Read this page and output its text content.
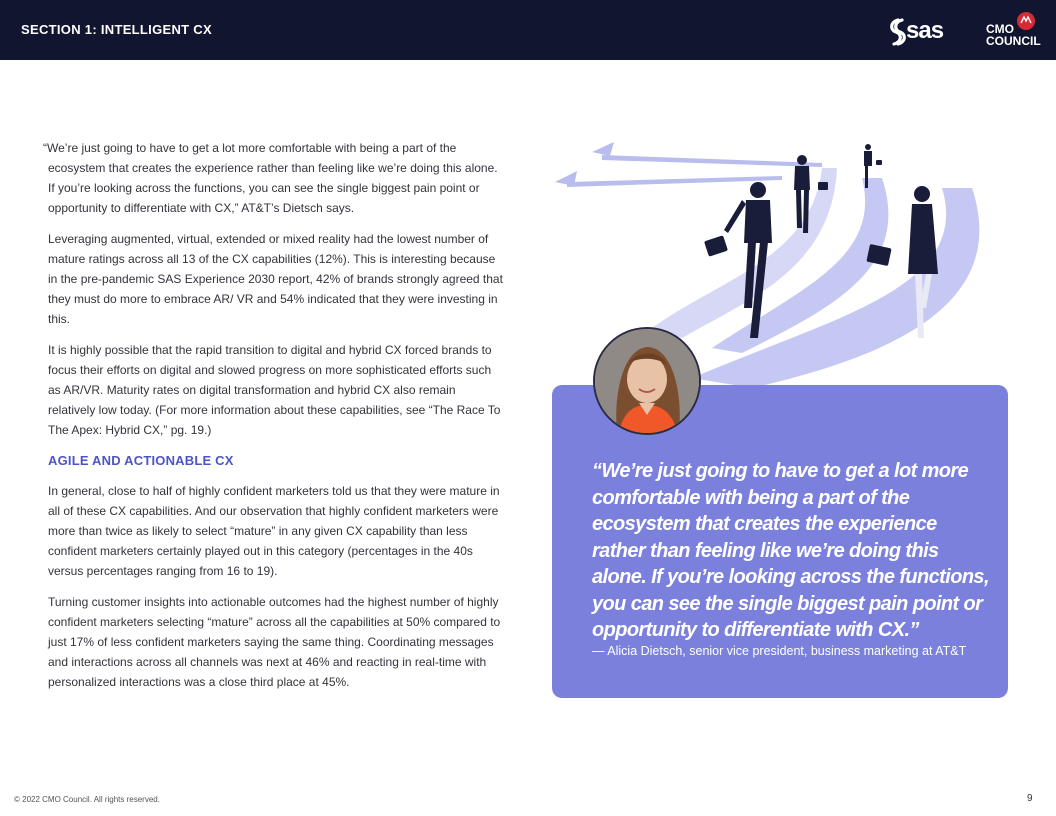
SECTION 1: INTELLIGENT CX	sas	CMO
COUNCIL

“We’re just going to have to get a lot more comfortable with being a part of the ecosystem that creates the experience rather than feeling like we’re doing this alone. If you’re looking across the functions, you can see the single biggest pain point or opportunity to differentiate with CX,” AT&T’s Dietsch says.

Leveraging augmented, virtual, extended or mixed reality had the lowest number of mature ratings across all 13 of the CX capabilities (12%). This is interesting because in the pre-pandemic SAS Experience 2030 report, 42% of brands strongly agreed that they must do more to embrace AR/ VR and 54% indicated that they were investing in this.

It is highly possible that the rapid transition to digital and hybrid CX forced brands to focus their efforts on digital and slowed progress on more sophisticated efforts such as AR/VR. Maturity rates on digital transformation and hybrid CX also remain relatively low today. (For more information about these capabilities, see “The Race To The Apex: Hybrid CX,” pg. 19.)

AGILE AND ACTIONABLE CX

In general, close to half of highly confident marketers told us that they were mature in all of these CX capabilities. And our observation that highly confident marketers were more than twice as likely to select “mature” in any given CX capability than less confident marketers certainly played out in this category (percentages in the 40s versus percentages ranging from 16 to 19).

Turning customer insights into actionable outcomes had the highest number of highly confident marketers selecting “mature” across all the capabilities at 50% compared to just 17% of less confident marketers saying the same thing. Coordinating messages and interactions across all channels was next at 46% and reacting in real-time with personalized interactions was a close third place at 45%.

“We’re just going to have to get a lot more comfortable with being a part of the ecosystem that creates the experience rather than feeling like we’re doing this alone. If you’re looking across the functions, you can see the single biggest pain point or opportunity to differentiate with CX.”
— Alicia Dietsch, senior vice president, business marketing at AT&T
© 2022 CMO Council. All rights reserved.	9
